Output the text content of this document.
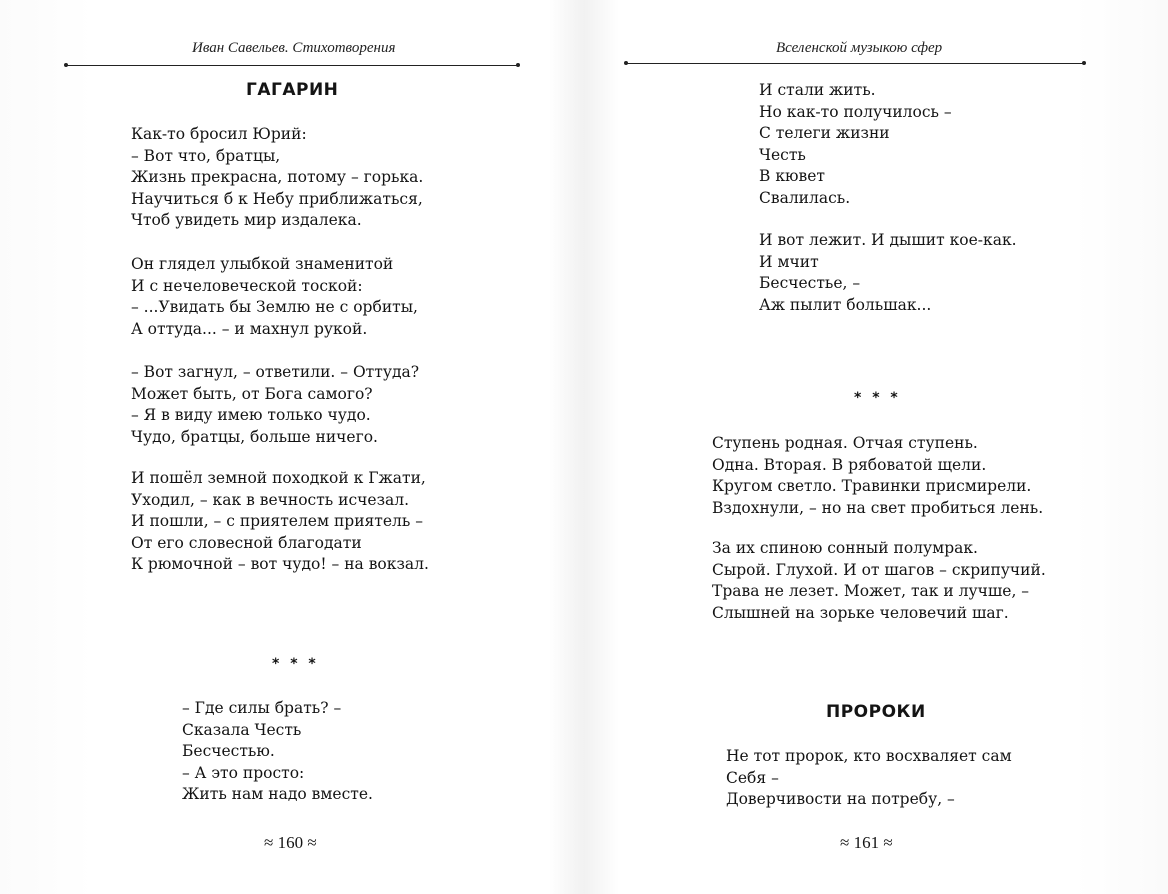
Иван Савельев. Стихотворения
ГАГАРИН
Как-то бросил Юрий:
– Вот что, братцы,
Жизнь прекрасна, потому – горька.
Научиться б к Небу приближаться,
Чтоб увидеть мир издалека.
Он глядел улыбкой знаменитой
И с нечеловеческой тоской:
– ...Увидать бы Землю не с орбиты,
А оттуда... – и махнул рукой.
– Вот загнул, – ответили. – Оттуда?
Может быть, от Бога самого?
– Я в виду имею только чудо.
Чудо, братцы, больше ничего.
И пошёл земной походкой к Гжати,
Уходил, – как в вечность исчезал.
И пошли, – с приятелем приятель –
От его словесной благодати
К рюмочной – вот чудо! – на вокзал.
* * *
– Где силы брать? –
Сказала Честь
Бесчестью.
– А это просто:
Жить нам надо вместе.
≈ 160 ≈
Вселенской музыкою сфер
И стали жить.
Но как-то получилось –
С телеги жизни
Честь
В кювет
Свалилась.
И вот лежит. И дышит кое-как.
И мчит
Бесчестье, –
Аж пылит большак...
* * *
Ступень родная. Отчая ступень.
Одна. Вторая. В рябоватой щели.
Кругом светло. Травинки присмирели.
Вздохнули, – но на свет пробиться лень.
За их спиною сонный полумрак.
Сырой. Глухой. И от шагов – скрипучий.
Трава не лезет. Может, так и лучше, –
Слышней на зорьке человечий шаг.
ПРОРОКИ
Не тот пророк, кто восхваляет сам
Себя –
Доверчивости на потребу, –
≈ 161 ≈
